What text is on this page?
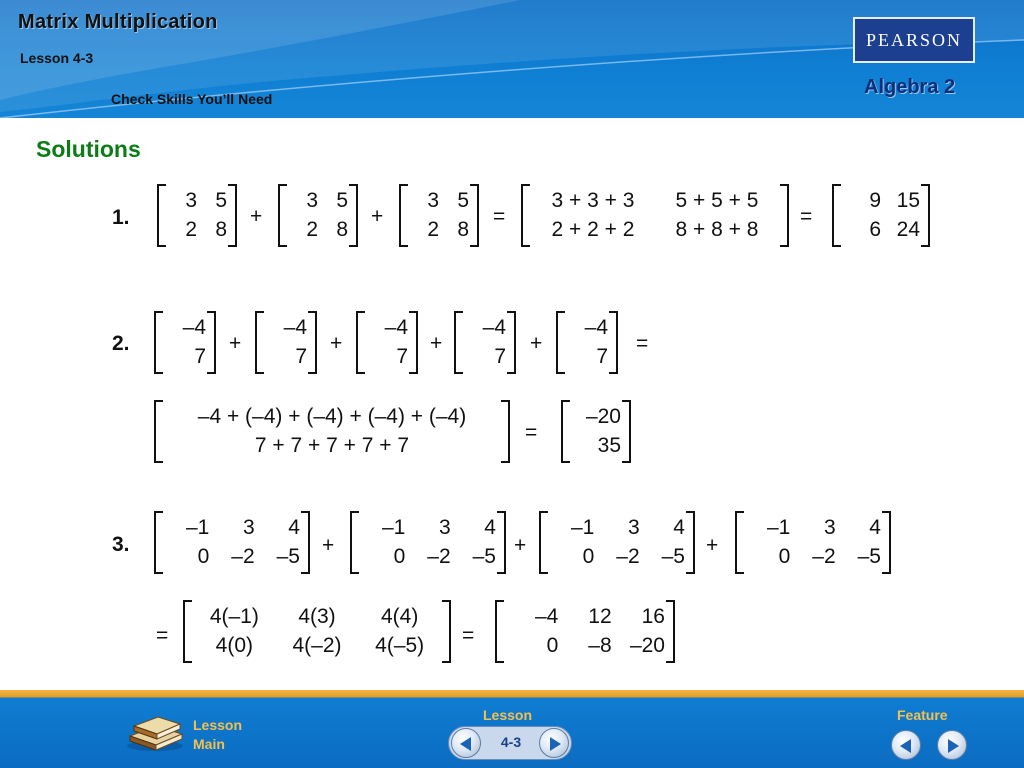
Matrix Multiplication
Lesson 4-3
Check Skills You’ll Need
PEARSON
Algebra 2
Solutions
1.
3 5
2 8
+
3 5
2 8
+
3 5
2 8
=
3 + 3 + 3	5 + 5 + 5
2 + 2 + 2	8 + 8 + 8
=
9 15
6 24
2.
–4
7
+
–4
7
+
–4
7
+
–4
7
+
–4
7
=
–4 + (–4) + (–4) + (–4) + (–4)
7 + 7 + 7 + 7 + 7
=
–20
35
3.
–1	3	4
0	–2	–5 +
–1	3	4
0	–2	–5 +
–1	3	4
0	–2	–5 +
–1	3	4
0	–2	–5
=
4(–1)	4(3)	4(4)
4(0)	4(–2)	4(–5)	=
–4	12	16
0	–8 –20
Lesson Main
Lesson
4-3
Feature
